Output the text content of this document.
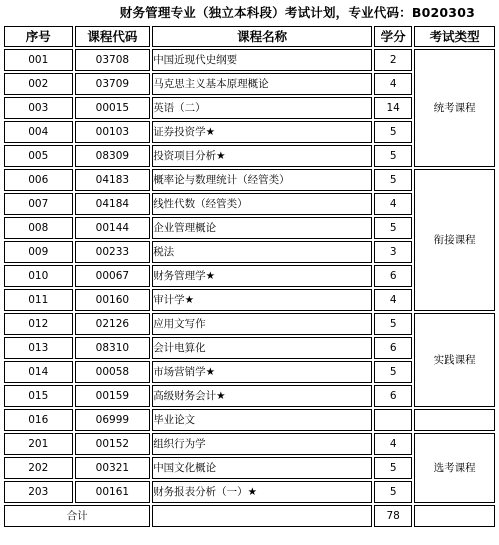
财务管理专业（独立本科段）考试计划，专业代码：B020303
序号	课程代码	课程名称	学分	考试类型
001	03708	中国近现代史纲要	2	统考课程
002	03709	马克思主义基本原理概论	4	
003	00015	英语（二）	14	
004	00103	证券投资学★	5	
005	08309	投资项目分析★	5	
006	04183	概率论与数理统计（经管类）	5	衔接课程
007	04184	线性代数（经管类）	4	
008	00144	企业管理概论	5	
009	00233	税法	3	
010	00067	财务管理学★	6	
011	00160	审计学★	4	
012	02126	应用文写作	5	实践课程
013	08310	会计电算化	6	
014	00058	市场营销学★	5	
015	00159	高级财务会计★	6	
016	06999	毕业论文		
201	00152	组织行为学	4	选考课程
202	00321	中国文化概论	5	
203	00161	财务报表分析（一）★	5	
合计			78	
